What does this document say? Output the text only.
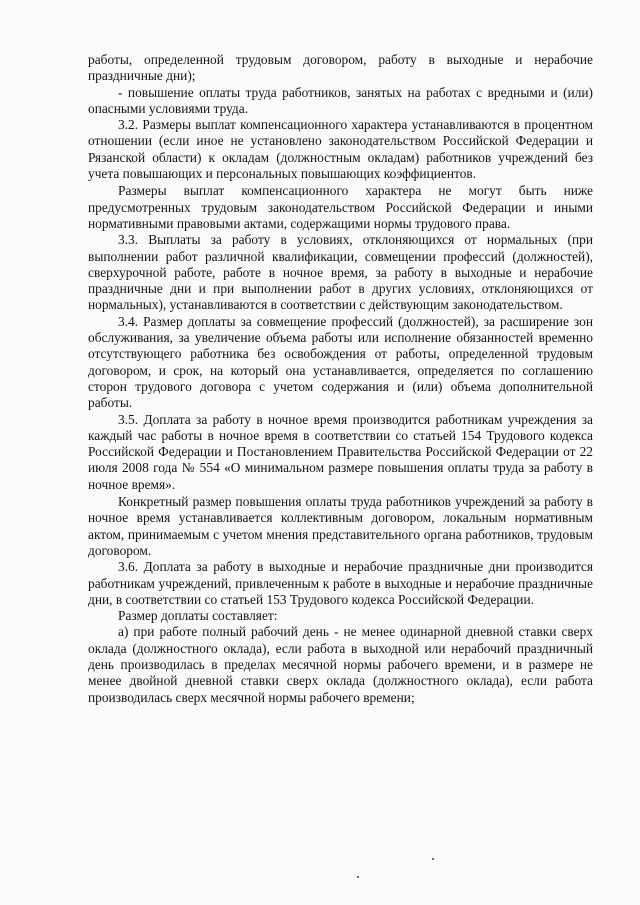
работы, определенной трудовым договором, работу в выходные и нерабочие праздничные дни);

- повышение оплаты труда работников, занятых на работах с вредными и (или) опасными условиями труда.

3.2. Размеры выплат компенсационного характера устанавливаются в процентном отношении (если иное не установлено законодательством Российской Федерации и Рязанской области) к окладам (должностным окладам) работников учреждений без учета повышающих и персональных повышающих коэффициентов.

Размеры выплат компенсационного характера не могут быть ниже предусмотренных трудовым законодательством Российской Федерации и иными нормативными правовыми актами, содержащими нормы трудового права.

3.3. Выплаты за работу в условиях, отклоняющихся от нормальных (при выполнении работ различной квалификации, совмещении профессий (должностей), сверхурочной работе, работе в ночное время, за работу в выходные и нерабочие праздничные дни и при выполнении работ в других условиях, отклоняющихся от нормальных), устанавливаются в соответствии с действующим законодательством.

3.4. Размер доплаты за совмещение профессий (должностей), за расширение зон обслуживания, за увеличение объема работы или исполнение обязанностей временно отсутствующего работника без освобождения от работы, определенной трудовым договором, и срок, на который она устанавливается, определяется по соглашению сторон трудового договора с учетом содержания и (или) объема дополнительной работы.

3.5. Доплата за работу в ночное время производится работникам учреждения за каждый час работы в ночное время в соответствии со статьей 154 Трудового кодекса Российской Федерации и Постановлением Правительства Российской Федерации от 22 июля 2008 года № 554 «О минимальном размере повышения оплаты труда за работу в ночное время».

Конкретный размер повышения оплаты труда работников учреждений за работу в ночное время устанавливается коллективным договором, локальным нормативным актом, принимаемым с учетом мнения представительного органа работников, трудовым договором.

3.6. Доплата за работу в выходные и нерабочие праздничные дни производится работникам учреждений, привлеченным к работе в выходные и нерабочие праздничные дни, в соответствии со статьей 153 Трудового кодекса Российской Федерации.

Размер доплаты составляет:

а) при работе полный рабочий день - не менее одинарной дневной ставки сверх оклада (должностного оклада), если работа в выходной или нерабочий праздничный день производилась в пределах месячной нормы рабочего времени, и в размере не менее двойной дневной ставки сверх оклада (должностного оклада), если работа производилась сверх месячной нормы рабочего времени;
